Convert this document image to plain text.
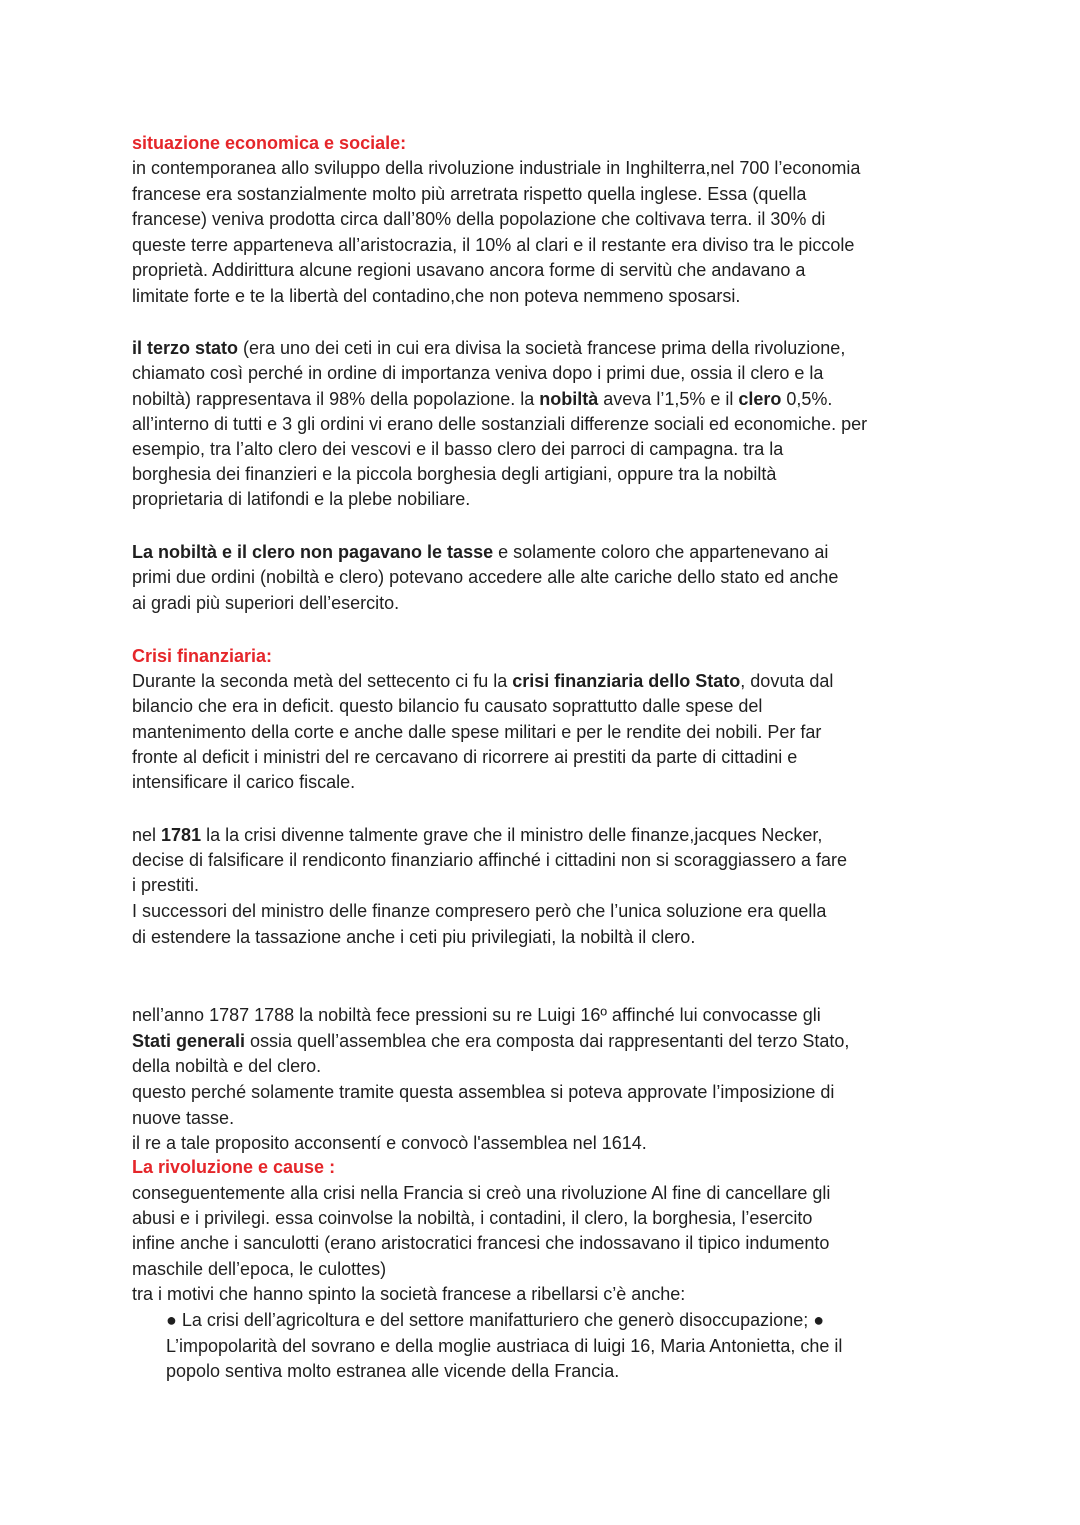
situazione economica e sociale:

in contemporanea allo sviluppo della rivoluzione industriale in Inghilterra,nel 700 l’economia

francese era sostanzialmente molto più arretrata rispetto quella inglese. Essa (quella

francese) veniva prodotta circa dall’80% della popolazione che coltivava terra. il 30% di

queste terre apparteneva all’aristocrazia, il 10% al clari e il restante era diviso tra le piccole

proprietà. Addirittura alcune regioni usavano ancora forme di servitù che andavano a

limitate forte e te la libertà del contadino,che non poteva nemmeno sposarsi.

il terzo stato (era uno dei ceti in cui era divisa la società francese prima della rivoluzione,

chiamato così perché in ordine di importanza veniva dopo i primi due, ossia il clero e la

nobiltà) rappresentava il 98% della popolazione. la nobiltà aveva l’1,5% e il clero 0,5%.

all’interno di tutti e 3 gli ordini vi erano delle sostanziali differenze sociali ed economiche. per

esempio, tra l’alto clero dei vescovi e il basso clero dei parroci di campagna. tra la

borghesia dei finanzieri e la piccola borghesia degli artigiani, oppure tra la nobiltà

proprietaria di latifondi e la plebe nobiliare.

La nobiltà e il clero non pagavano le tasse e solamente coloro che appartenevano ai

primi due ordini (nobiltà e clero) potevano accedere alle alte cariche dello stato ed anche

ai gradi più superiori dell’esercito.

Crisi finanziaria:

Durante la seconda metà del settecento ci fu la crisi finanziaria dello Stato, dovuta dal

bilancio che era in deficit. questo bilancio fu causato soprattutto dalle spese del

mantenimento della corte e anche dalle spese militari e per le rendite dei nobili. Per far

fronte al deficit i ministri del re cercavano di ricorrere ai prestiti da parte di cittadini e

intensificare il carico fiscale.

nel 1781 la la crisi divenne talmente grave che il ministro delle finanze,jacques Necker,

decise di falsificare il rendiconto finanziario affinché i cittadini non si scoraggiassero a fare

i prestiti.

I successori del ministro delle finanze compresero però che l’unica soluzione era quella

di estendere la tassazione anche i ceti piu privilegiati, la nobiltà il clero.

nell’anno 1787 1788 la nobiltà fece pressioni su re Luigi 16º affinché lui convocasse gli

Stati generali ossia quell’assemblea che era composta dai rappresentanti del terzo Stato,

della nobiltà e del clero.

questo perché solamente tramite questa assemblea si poteva approvate l’imposizione di

nuove tasse.

il re a tale proposito acconsentí e convocò l'assemblea nel 1614.

La rivoluzione e cause :

conseguentemente alla crisi nella Francia si creò una rivoluzione Al fine di cancellare gli

abusi e i privilegi. essa coinvolse la nobiltà, i contadini, il clero, la borghesia, l’esercito

infine anche i sanculotti (erano aristocratici francesi che indossavano il tipico indumento

maschile dell’epoca, le culottes)

tra i motivi che hanno spinto la società francese a ribellarsi c’è anche:

● La crisi dell’agricoltura e del settore manifatturiero che generò disoccupazione; ●

L’impopolarità del sovrano e della moglie austriaca di luigi 16, Maria Antonietta, che il

popolo sentiva molto estranea alle vicende della Francia.
